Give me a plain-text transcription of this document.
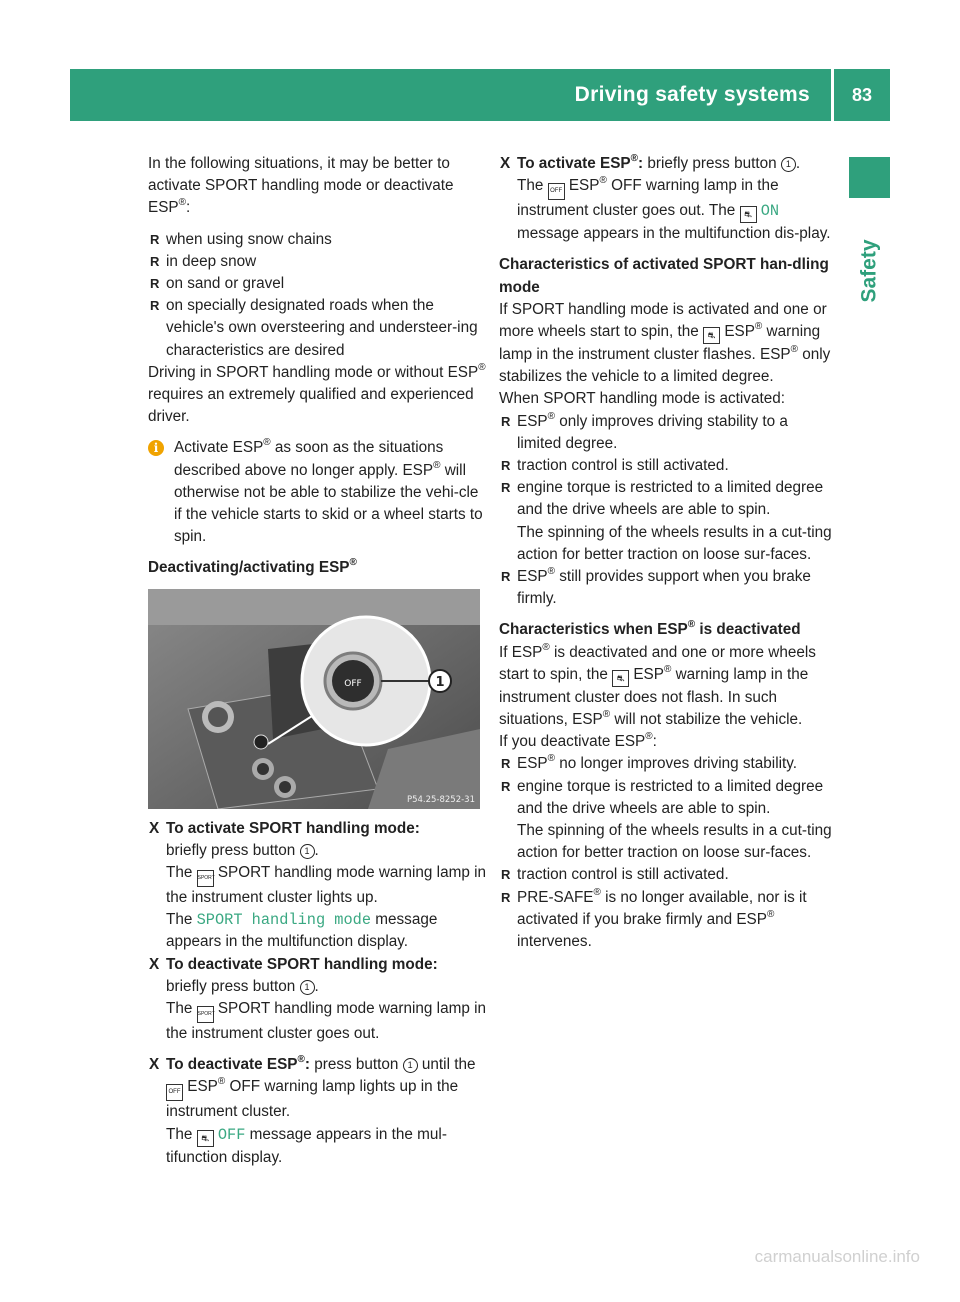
Driving safety systems	83
Safety

In the following situations, it may be better to activate SPORT handling mode or deactivate ESP®:

R when using snow chains

R in deep snow

R on sand or gravel

R on specially designated roads when the vehicle's own oversteering and understeer-ing characteristics are desired

Driving in SPORT handling mode or without ESP® requires an extremely qualified and experienced driver.

i	Activate ESP® as soon as the situations described above no longer apply. ESP® will otherwise not be able to stabilize the vehi-cle if the vehicle starts to skid or a wheel starts to spin.

Deactivating/activating ESP®

OFF	1
P54.25-8252-31

X To activate SPORT handling mode:

briefly press button 1 .

The SPORT SPORT handling mode warning lamp in the instrument cluster lights up.

The SPORT handling mode message appears in the multifunction display.

X To deactivate SPORT handling mode:

briefly press button 1 .

The SPORT SPORT handling mode warning lamp in the instrument cluster goes out.

X To deactivate ESP®: press button 1 until the OFF ESP® OFF warning lamp lights up in the instrument cluster.

The ⛐ OFF message appears in the mul-tifunction display.

X To activate ESP®: briefly press button 1 .

The OFF ESP® OFF warning lamp in the instrument cluster goes out. The ⛐ ON message appears in the multifunction dis-play.

Characteristics of activated SPORT han-dling mode

If SPORT handling mode is activated and one or more wheels start to spin, the ⛐ ESP® warning lamp in the instrument cluster flashes. ESP® only stabilizes the vehicle to a limited degree.

When SPORT handling mode is activated:

R ESP® only improves driving stability to a limited degree.

R traction control is still activated.

R engine torque is restricted to a limited degree and the drive wheels are able to spin.

The spinning of the wheels results in a cut-ting action for better traction on loose sur-faces.

R ESP® still provides support when you brake firmly.

Characteristics when ESP® is deactivated

If ESP® is deactivated and one or more wheels start to spin, the ⛐ ESP® warning lamp in the instrument cluster does not flash. In such situations, ESP® will not stabilize the vehicle.

If you deactivate ESP®:

R ESP® no longer improves driving stability.

R engine torque is restricted to a limited degree and the drive wheels are able to spin.

The spinning of the wheels results in a cut-ting action for better traction on loose sur-faces.

R traction control is still activated.

R PRE-SAFE® is no longer available, nor is it activated if you brake firmly and ESP® intervenes.

carmanualsonline.info
